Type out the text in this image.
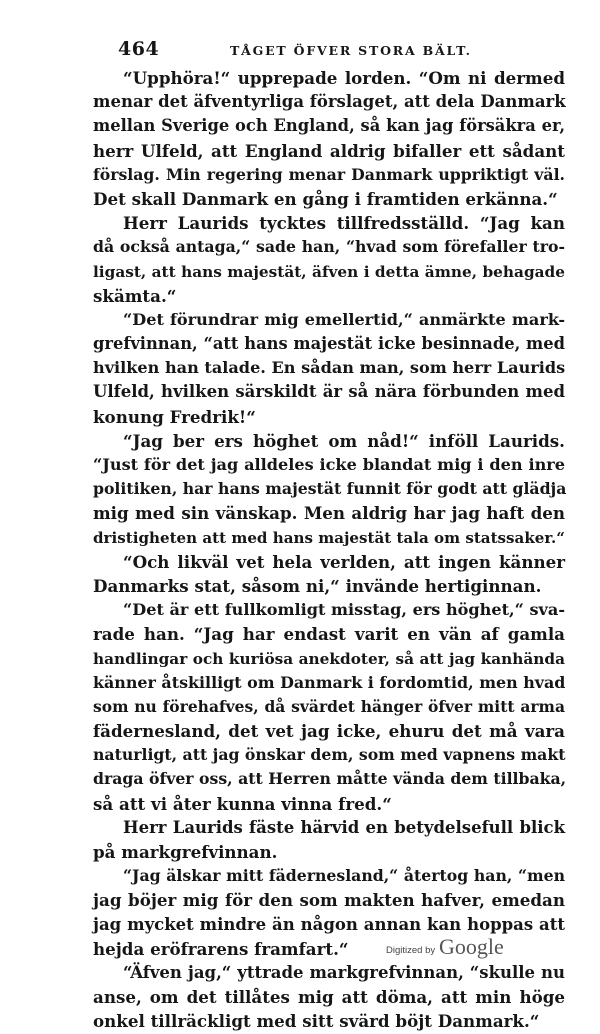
464	TÅGET ÖFVER STORA BÄLT.
“Upphöra!“ upprepade lorden. “Om ni dermed
menar det äfventyrliga förslaget, att dela Danmark
mellan Sverige och England, så kan jag försäkra er,
herr Ulfeld, att England aldrig bifaller ett sådant
förslag. Min regering menar Danmark uppriktigt väl.
Det skall Danmark en gång i framtiden erkänna.“
Herr Laurids tycktes tillfredsställd. “Jag kan
då också antaga,“ sade han, “hvad som förefaller tro-
ligast, att hans majestät, äfven i detta ämne, behagade
skämta.“
“Det förundrar mig emellertid,“ anmärkte mark-
grefvinnan, “att hans majestät icke besinnade, med
hvilken han talade. En sådan man, som herr Laurids
Ulfeld, hvilken särskildt är så nära förbunden med
konung Fredrik!“
“Jag ber ers höghet om nåd!“ inföll Laurids.
“Just för det jag alldeles icke blandat mig i den inre
politiken, har hans majestät funnit för godt att glädja
mig med sin vänskap. Men aldrig har jag haft den
dristigheten att med hans majestät tala om statssaker.“
“Och likväl vet hela verlden, att ingen känner
Danmarks stat, såsom ni,“ invände hertiginnan.
“Det är ett fullkomligt misstag, ers höghet,“ sva-
rade han. “Jag har endast varit en vän af gamla
handlingar och kuriösa anekdoter, så att jag kanhända
känner åtskilligt om Danmark i fordomtid, men hvad
som nu förehafves, då svärdet hänger öfver mitt arma
fädernesland, det vet jag icke, ehuru det må vara
naturligt, att jag önskar dem, som med vapnens makt
draga öfver oss, att Herren måtte vända dem tillbaka,
så att vi åter kunna vinna fred.“
Herr Laurids fäste härvid en betydelsefull blick
på markgrefvinnan.
“Jag älskar mitt fädernesland,“ återtog han, “men
jag böjer mig för den som makten hafver, emedan
jag mycket mindre än någon annan kan hoppas att
hejda eröfrarens framfart.“
“Äfven jag,“ yttrade markgrefvinnan, “skulle nu
anse, om det tillåtes mig att döma, att min höge
onkel tillräckligt med sitt svärd böjt Danmark.“
Digitized by Google
